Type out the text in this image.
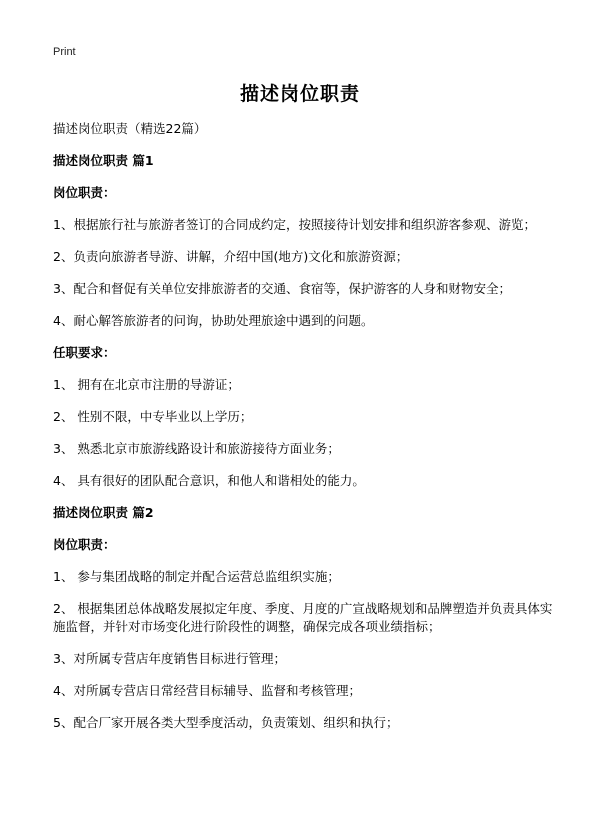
Print
描述岗位职责

描述岗位职责（精选22篇）

描述岗位职责 篇1

岗位职责：

1、根据旅行社与旅游者签订的合同成约定，按照接待计划安排和组织游客参观、游览；

2、负责向旅游者导游、讲解，介绍中国(地方)文化和旅游资源；

3、配合和督促有关单位安排旅游者的交通、食宿等，保护游客的人身和财物安全；

4、耐心解答旅游者的问询，协助处理旅途中遇到的问题。

任职要求：

1、 拥有在北京市注册的导游证；

2、 性别不限，中专毕业以上学历；

3、 熟悉北京市旅游线路设计和旅游接待方面业务；

4、 具有很好的团队配合意识，和他人和谐相处的能力。

描述岗位职责 篇2

岗位职责：

1、 参与集团战略的制定并配合运营总监组织实施；

2、 根据集团总体战略发展拟定年度、季度、月度的广宣战略规划和品牌塑造并负责具体实施监督，并针对市场变化进行阶段性的调整，确保完成各项业绩指标；

3、对所属专营店年度销售目标进行管理；

4、对所属专营店日常经营目标辅导、监督和考核管理；

5、配合厂家开展各类大型季度活动，负责策划、组织和执行；
